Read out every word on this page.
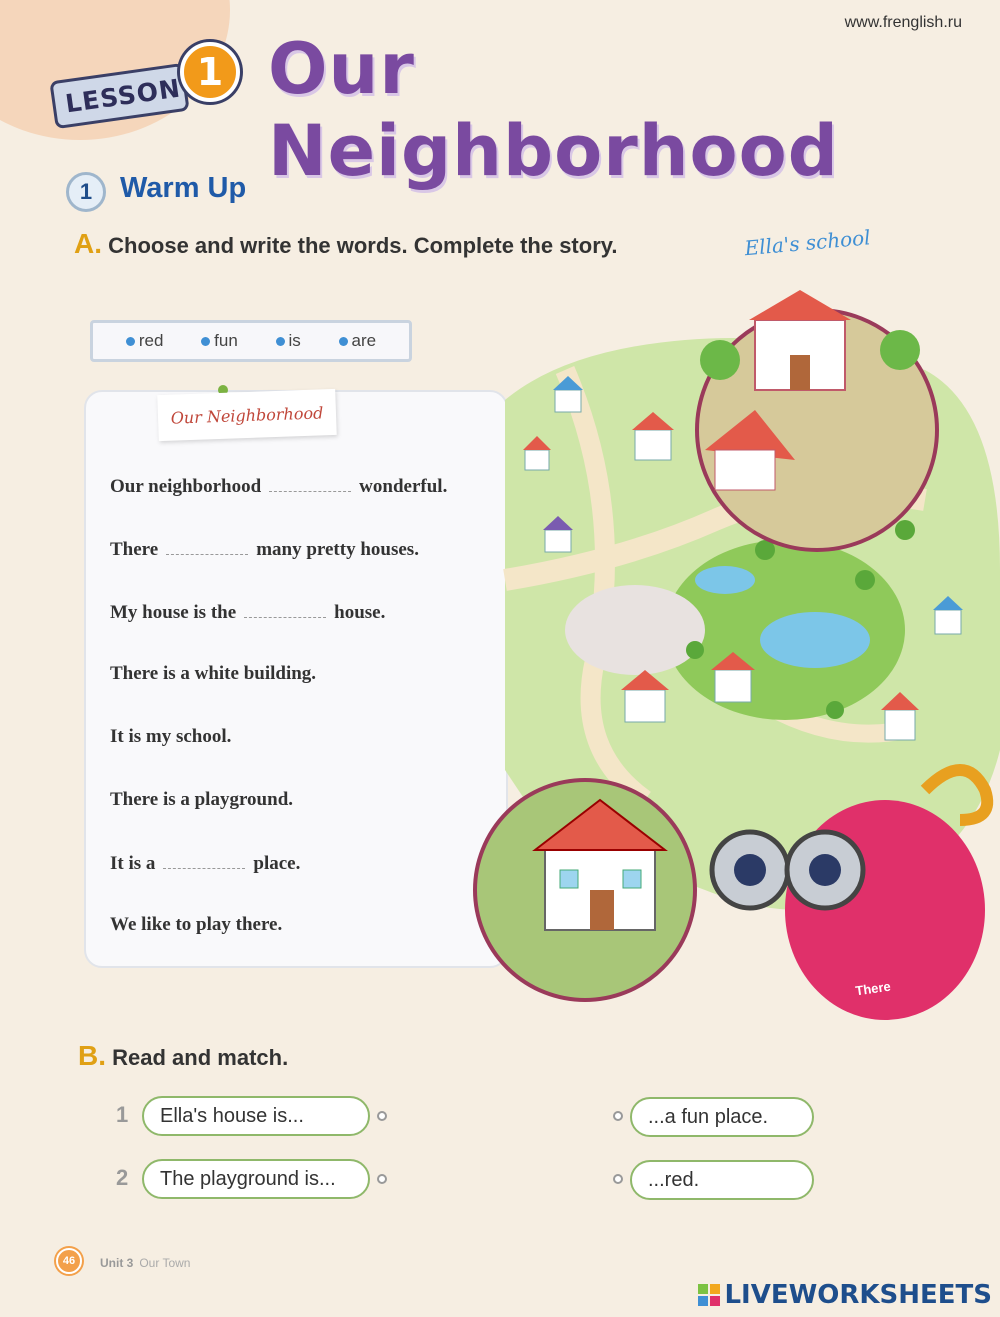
www.frenglish.ru
LESSON
1 Our Neighborhood
1 Warm Up
A. Choose and write the words. Complete the story.
red	fun	is	are
Our Neighborhood
Our neighborhood	wonderful.
There	many pretty houses.
My house is the	house.
There is a white building.
It is my school.
There is a playground.
It is a	place.
We like to play there.
Ella's school
There
B. Read and match.
1	Ella's house is...
2	The playground is...
...a fun place.
...red.
46	Unit 3 Our Town
LIVEWORKSHEETS
